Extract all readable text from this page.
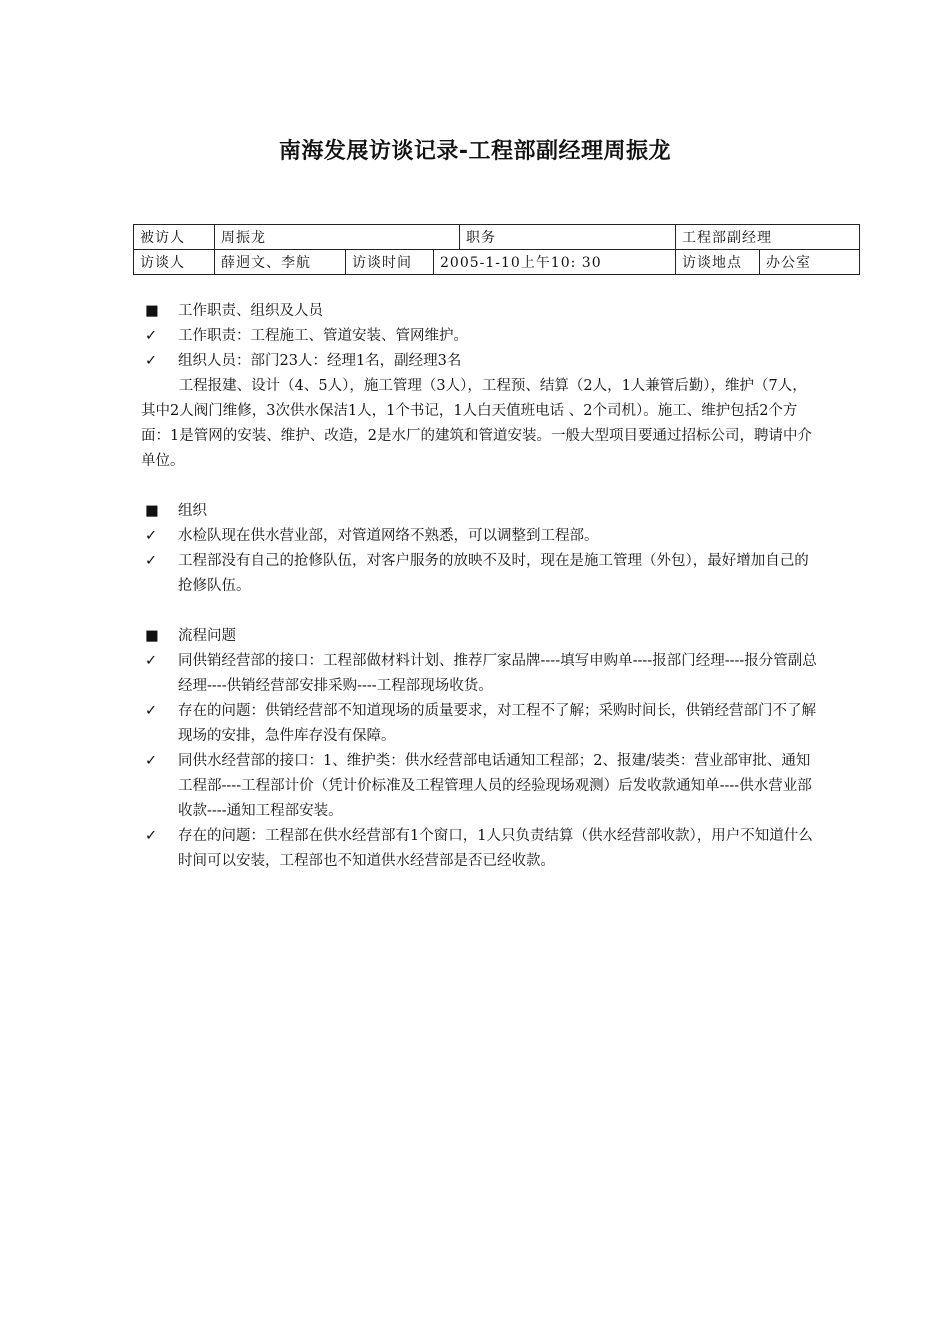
南海发展访谈记录-工程部副经理周振龙
被访人	周振龙			职务	工程部副经理	
访谈人	薛迥文、李航	访谈时间	2005-1-10上午10: 30		访谈地点	办公室
■	工作职责、组织及人员
✓	工作职责：工程施工、管道安装、管网维护。
✓	组织人员：部门23人：经理1名，副经理3名
工程报建、设计（4、5人），施工管理（3人），工程预、结算（2人，1人兼管后勤），维护（7人，其中2人阀门维修，3次供水保洁1人，1个书记，1人白天值班电话 、2个司机）。施工、维护包括2个方面：1是管网的安装、维护、改造，2是水厂的建筑和管道安装。一般大型项目要通过招标公司，聘请中介单位。
■	组织
✓	水检队现在供水营业部，对管道网络不熟悉，可以调整到工程部。
✓	工程部没有自己的抢修队伍，对客户服务的放映不及时，现在是施工管理（外包），最好增加自己的抢修队伍。
■	流程问题
✓	同供销经营部的接口：工程部做材料计划、推荐厂家品牌----填写申购单----报部门经理----报分管副总经理----供销经营部安排采购----工程部现场收货。
✓	存在的问题：供销经营部不知道现场的质量要求，对工程不了解；采购时间长，供销经营部门不了解现场的安排，急件库存没有保障。
✓	同供水经营部的接口：1、维护类：供水经营部电话通知工程部；2、报建/装类：营业部审批、通知工程部----工程部计价（凭计价标准及工程管理人员的经验现场观测）后发收款通知单----供水营业部收款----通知工程部安装。
✓	存在的问题：工程部在供水经营部有1个窗口，1人只负责结算（供水经营部收款），用户不知道什么时间可以安装，工程部也不知道供水经营部是否已经收款。
